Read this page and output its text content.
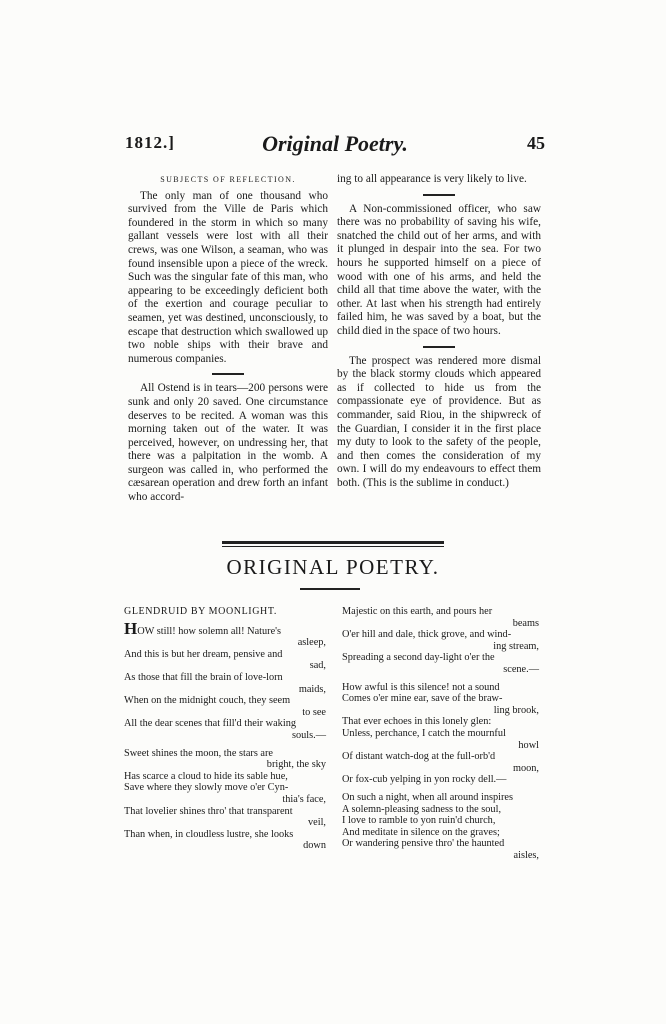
1812.]	Original Poetry.	45
SUBJECTS OF REFLECTION.

The only man of one thousand who survived from the Ville de Paris which foundered in the storm in which so many gallant vessels were lost with all their crews, was one Wilson, a seaman, who was found insensible upon a piece of the wreck. Such was the singular fate of this man, who appearing to be exceedingly deficient both of the exertion and courage peculiar to seamen, yet was destined, unconsciously, to escape that destruction which swallowed up two noble ships with their brave and numerous companies.

All Ostend is in tears—200 persons were sunk and only 20 saved. One circumstance deserves to be recited. A woman was this morning taken out of the water. It was perceived, however, on undressing her, that there was a palpitation in the womb. A surgeon was called in, who performed the cæsarean operation and drew forth an infant who accord-

ing to all appearance is very likely to live.

A Non-commissioned officer, who saw there was no probability of saving his wife, snatched the child out of her arms, and with it plunged in despair into the sea. For two hours he supported himself on a piece of wood with one of his arms, and held the child all that time above the water, with the other. At last when his strength had entirely failed him, he was saved by a boat, but the child died in the space of two hours.

The prospect was rendered more dismal by the black stormy clouds which appeared as if collected to hide us from the compassionate eye of providence. But as commander, said Riou, in the shipwreck of the Guardian, I consider it in the first place my duty to look to the safety of the people, and then comes the consideration of my own. I will do my endeavours to effect them both. (This is the sublime in conduct.)

ORIGINAL POETRY.
GLENDRUID BY MOONLIGHT.

HOW still! how solemn all! Nature's
asleep,

And this is but her dream, pensive and
sad,

As those that fill the brain of love-lorn
maids,

When on the midnight couch, they seem
to see

All the dear scenes that fill'd their waking
souls.—

Sweet shines the moon, the stars are
bright, the sky

Has scarce a cloud to hide its sable hue,

Save where they slowly move o'er Cyn-
thia's face,

That lovelier shines thro' that transparent
veil,

Than when, in cloudless lustre, she looks
down

Majestic on this earth, and pours her
beams

O'er hill and dale, thick grove, and wind-
ing stream,

Spreading a second day-light o'er the
scene.—

How awful is this silence! not a sound

Comes o'er mine ear, save of the braw-
ling brook,

That ever echoes in this lonely glen:

Unless, perchance, I catch the mournful
howl

Of distant watch-dog at the full-orb'd
moon,

Or fox-cub yelping in yon rocky dell.—

On such a night, when all around inspires

A solemn-pleasing sadness to the soul,

I love to ramble to yon ruin'd church,

And meditate in silence on the graves;

Or wandering pensive thro' the haunted
aisles,
